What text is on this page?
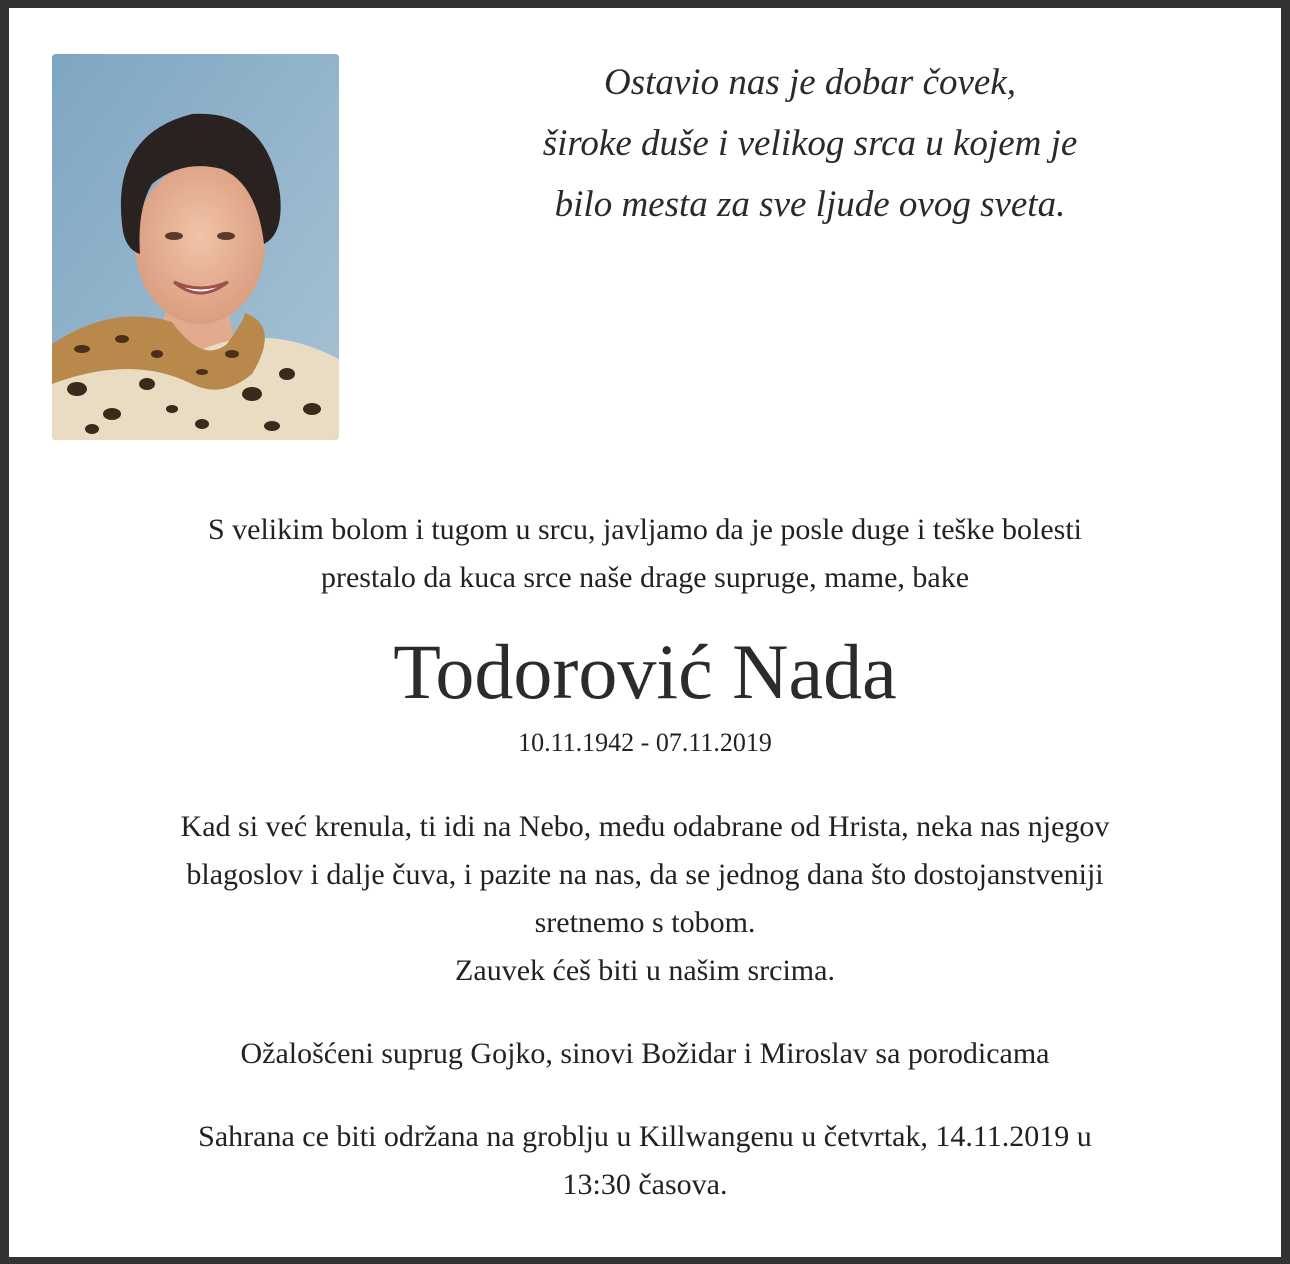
Ostavio nas je dobar čovek,
široke duše i velikog srca u kojem je
bilo mesta za sve ljude ovog sveta.
S velikim bolom i tugom u srcu, javljamo da je posle duge i teške bolesti
prestalo da kuca srce naše drage supruge, mame, bake
Todorović Nada
10.11.1942 - 07.11.2019
Kad si već krenula, ti idi na Nebo, među odabrane od Hrista, neka nas njegov
blagoslov i dalje čuva, i pazite na nas, da se jednog dana što dostojanstveniji
sretnemo s tobom.
Zauvek ćeš biti u našim srcima.
Ožalošćeni suprug Gojko, sinovi Božidar i Miroslav sa porodicama
Sahrana ce biti održana na groblju u Killwangenu u četvrtak, 14.11.2019 u
13:30 časova.
